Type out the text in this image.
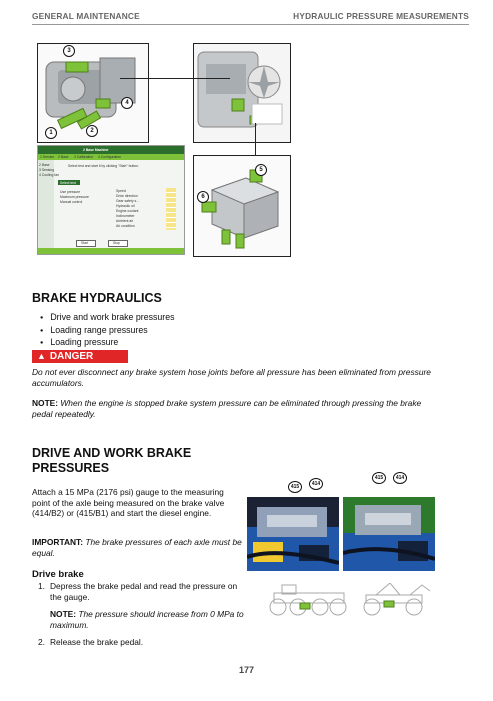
GENERAL MAINTENANCE	HYDRAULIC PRESSURE MEASUREMENTS
3
4
1	2
5
6
2 Base Machine
1 Service 2 Base 3 Calibration 4 Configuration
2 Base
3 Sensing
4 Cooling fan
Select test and start it by clicking "Start" button.
Select test
Use pressure
Maximum pressure
Manual control
Speed
Drive direction
Gear safety s...
Hydraulic oil
Engine coolant
Inclinometer
Ambient air
Air condition
Start	Stop
BRAKE HYDRAULICS
● Drive and work brake pressures
● Loading range pressures
● Loading pressure
▲ DANGER
Do not ever disconnect any brake system hose joints before all pressure has been eliminated from pressure accumulators.
NOTE: When the engine is stopped brake system pressure can be eliminated through pressing the brake pedal repeatedly.
DRIVE AND WORK BRAKE
PRESSURES
Attach a 15 MPa (2176 psi) gauge to the measuring point of the axle being measured on the brake valve (414/B2) or (415/B1) and start the diesel engine.
IMPORTANT: The brake pressures of each axle must be equal.
Drive brake
1. Depress the brake pedal and read the pressure on the gauge.
NOTE: The pressure should increase from 0 MPa to maximum.
2. Release the brake pedal.
415	414
415	414
177
